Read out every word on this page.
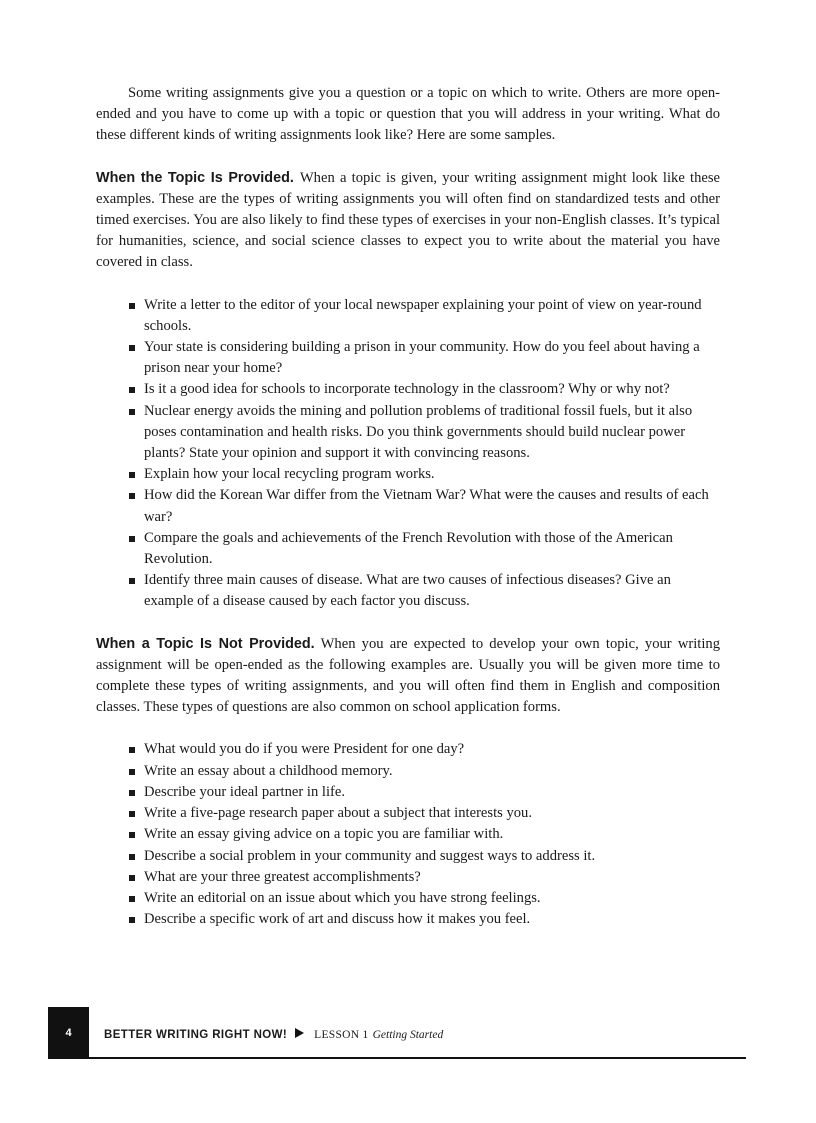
Some writing assignments give you a question or a topic on which to write. Others are more open-ended and you have to come up with a topic or question that you will address in your writing. What do these different kinds of writing assignments look like? Here are some samples.

When the Topic Is Provided. When a topic is given, your writing assignment might look like these examples. These are the types of writing assignments you will often find on standardized tests and other timed exercises. You are also likely to find these types of exercises in your non-English classes. It’s typical for humanities, science, and social science classes to expect you to write about the material you have covered in class.

Write a letter to the editor of your local newspaper explaining your point of view on year-round schools.
Your state is considering building a prison in your community. How do you feel about having a prison near your home?
Is it a good idea for schools to incorporate technology in the classroom? Why or why not?
Nuclear energy avoids the mining and pollution problems of traditional fossil fuels, but it also poses contamination and health risks. Do you think governments should build nuclear power plants? State your opinion and support it with convincing reasons.
Explain how your local recycling program works.
How did the Korean War differ from the Vietnam War? What were the causes and results of each war?
Compare the goals and achievements of the French Revolution with those of the American Revolution.
Identify three main causes of disease. What are two causes of infectious diseases? Give an example of a disease caused by each factor you discuss.

When a Topic Is Not Provided. When you are expected to develop your own topic, your writing assignment will be open-ended as the following examples are. Usually you will be given more time to complete these types of writing assignments, and you will often find them in English and composition classes. These types of questions are also common on school application forms.

What would you do if you were President for one day?
Write an essay about a childhood memory.
Describe your ideal partner in life.
Write a five-page research paper about a subject that interests you.
Write an essay giving advice on a topic you are familiar with.
Describe a social problem in your community and suggest ways to address it.
What are your three greatest accomplishments?
Write an editorial on an issue about which you have strong feelings.
Describe a specific work of art and discuss how it makes you feel.
4	BETTER WRITING RIGHT NOW! LESSON 1 Getting Started
